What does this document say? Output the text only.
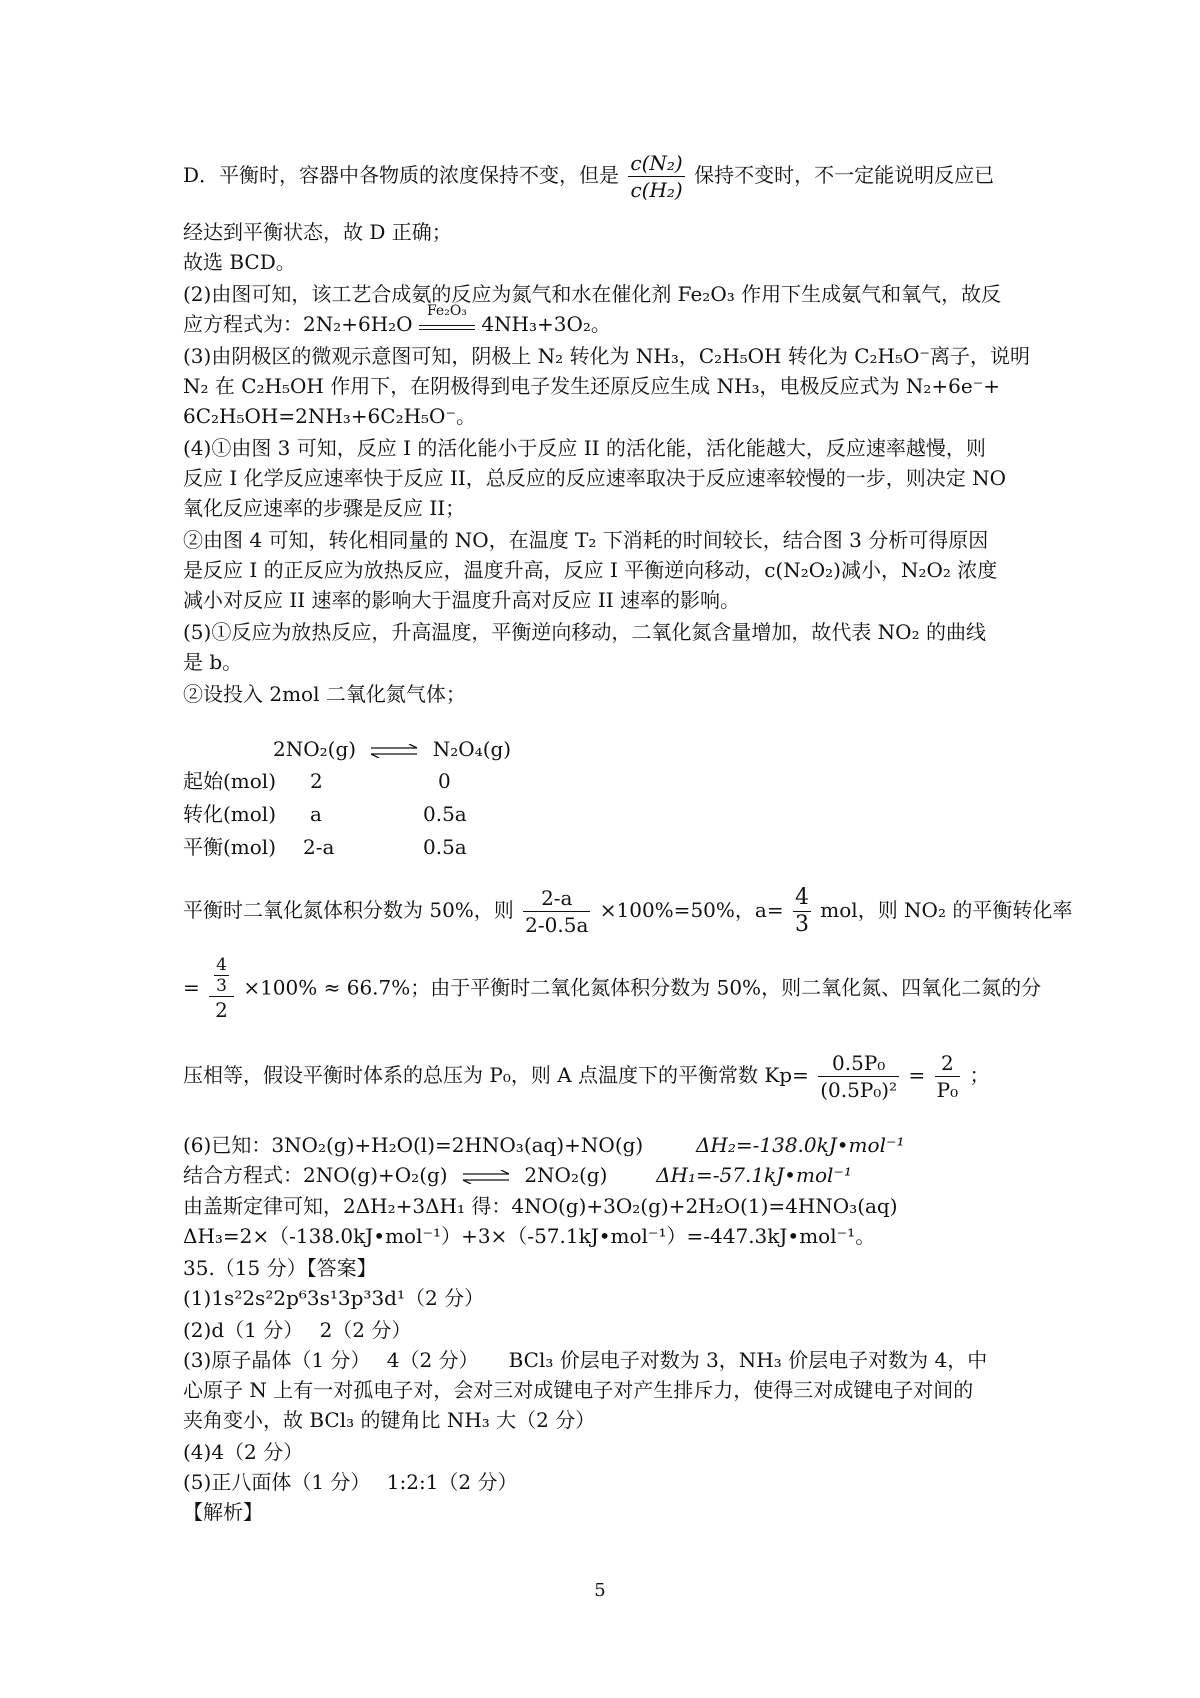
D．平衡时，容器中各物质的浓度保持不变，但是 $\frac{\text{c(N₂)}}{\text{c(H₂)}}$ 保持不变时，不一定能说明反应已
经达到平衡状态，故 D 正确；
故选 BCD。
(2)由图可知，该工艺合成氨的反应为氮气和水在催化剂 Fe₂O₃ 作用下生成氨气和氧气，故反
应方程式为：2N₂+6H₂O
Fe₂O₃
4NH₃+3O₂。
(3)由阴极区的微观示意图可知，阴极上 N₂ 转化为 NH₃，C₂H₅OH 转化为 C₂H₅O⁻离子，说明
N₂ 在 C₂H₅OH 作用下，在阴极得到电子发生还原反应生成 NH₃，电极反应式为 N₂+6e⁻+
6C₂H₅OH=2NH₃+6C₂H₅O⁻。
(4)①由图 3 可知，反应 I 的活化能小于反应 II 的活化能，活化能越大，反应速率越慢，则
反应 I 化学反应速率快于反应 II，总反应的反应速率取决于反应速率较慢的一步，则决定 NO
氧化反应速率的步骤是反应 II；
②由图 4 可知，转化相同量的 NO，在温度 T₂ 下消耗的时间较长，结合图 3 分析可得原因
是反应 I 的正反应为放热反应，温度升高，反应 I 平衡逆向移动，c(N₂O₂)减小，N₂O₂ 浓度
减小对反应 II 速率的影响大于温度升高对反应 II 速率的影响。
(5)①反应为放热反应，升高温度，平衡逆向移动，二氧化氮含量增加，故代表 NO₂ 的曲线
是 b。
②设投入 2mol 二氧化氮气体；
2NO₂(g) ⇌ N₂O₄(g)
起始(mol) 2	0
转化(mol) a	0.5a
平衡(mol) 2-a	0.5a
平衡时二氧化氮体积分数为 50%，则 $\frac{2-a}{2-0.5a} \times 100\%=50\%$，$a= \frac{4}{3}$ mol，则 NO₂ 的平衡转化率
= $\frac{\frac{4}{3}}{2} \times 100\% \approx 66.7\%$；由于平衡时二氧化氮体积分数为 50%，则二氧化氮、四氧化二氮的分
压相等，假设平衡时体系的总压为 P₀，则 A 点温度下的平衡常数 $Kp= \frac{\text{0.5P₀}}{\text{(0.5P₀)²}} = \frac{2}{\text{P₀}}$ ；
(6)已知：3NO₂(g)+H₂O(l)=2HNO₃(aq)+NO(g)	ΔH₂=-138.0kJ•mol⁻¹
结合方程式：2NO(g)+O₂(g) ⇌ 2NO₂(g) ΔH₁=-57.1kJ•mol⁻¹
由盖斯定律可知，2ΔH₂+3ΔH₁ 得：4NO(g)+3O₂(g)+2H₂O(1)=4HNO₃(aq)
ΔH₃=2×（-138.0kJ•mol⁻¹）+3×（-57.1kJ•mol⁻¹）=-447.3kJ•mol⁻¹。
35.（15 分）【答案】
(1)1s²2s²2p⁶3s¹3p³3d¹（2 分）
(2)d（1 分）　 2（2 分）
(3)原子晶体（1 分）　 4（2 分）　　BCl₃ 价层电子对数为 3，NH₃ 价层电子对数为 4，中
心原子 N 上有一对孤电子对，会对三对成键电子对产生排斥力，使得三对成键电子对间的
夹角变小，故 BCl₃ 的键角比 NH₃ 大（2 分）
(4)4（2 分）
(5)正八面体（1 分）　 1:2:1（2 分）
【解析】
5
